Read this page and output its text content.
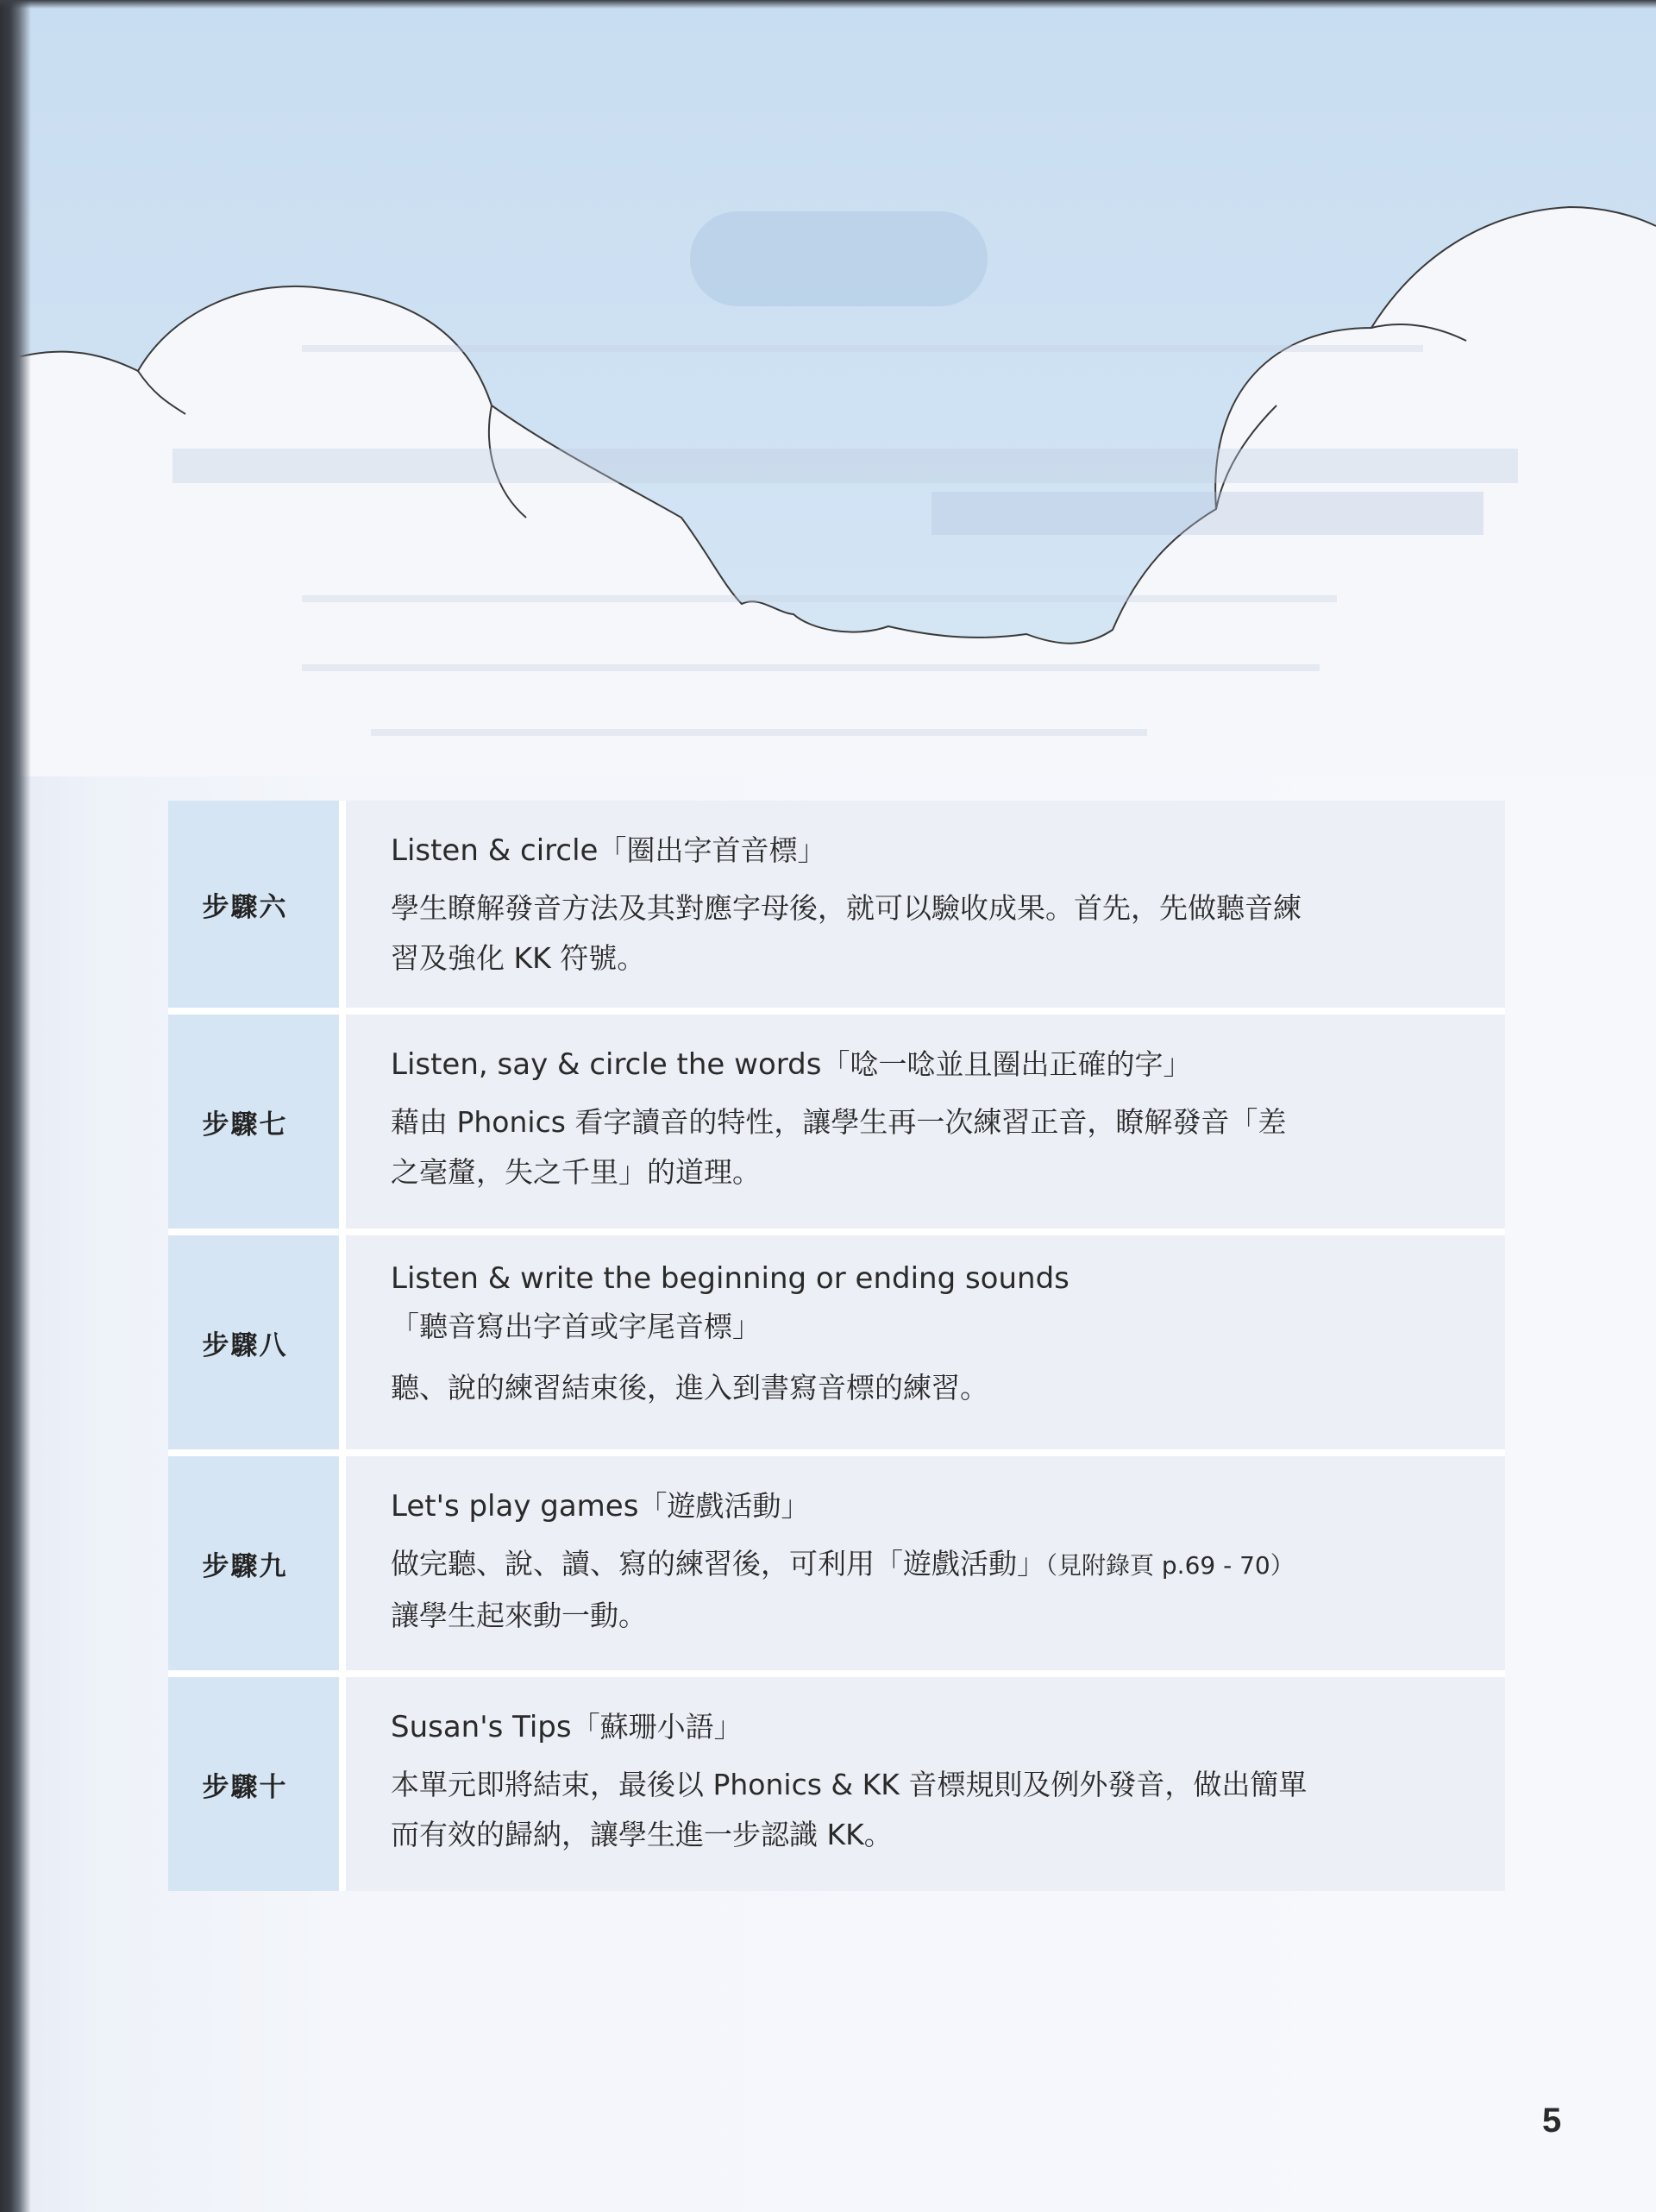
步驟六

Listen & circle「圈出字首音標」

學生瞭解發音方法及其對應字母後，就可以驗收成果。首先，先做聽音練
習及強化 KK 符號。

步驟七

Listen, say & circle the words「唸一唸並且圈出正確的字」

藉由 Phonics 看字讀音的特性，讓學生再一次練習正音，瞭解發音「差
之毫釐，失之千里」的道理。

步驟八

Listen & write the beginning or ending sounds
「聽音寫出字首或字尾音標」

聽、說的練習結束後，進入到書寫音標的練習。

步驟九

Let's play games「遊戲活動」

做完聽、說、讀、寫的練習後，可利用「遊戲活動」（見附錄頁 p.69 - 70）
讓學生起來動一動。

步驟十

Susan's Tips「蘇珊小語」

本單元即將結束，最後以 Phonics & KK 音標規則及例外發音，做出簡單
而有效的歸納，讓學生進一步認識 KK。

5
